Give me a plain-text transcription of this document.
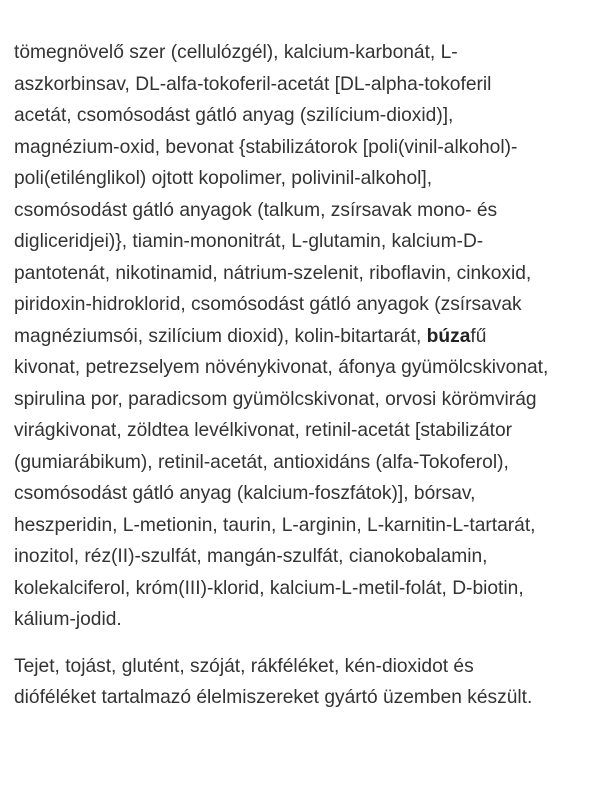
tömegnövelő szer (cellulózgél), kalcium-karbonát, L-
aszkorbinsav, DL-alfa-tokoferil-acetát [DL-alpha-tokoferil
acetát, csomósodást gátló anyag (szilícium-dioxid)],
magnézium-oxid, bevonat {stabilizátorok [poli(vinil-alkohol)-
poli(etilénglikol) ojtott kopolimer, polivinil-alkohol],
csomósodást gátló anyagok (talkum, zsírsavak mono- és
digliceridjei)}, tiamin-mononitrát, L-glutamin, kalcium-D-
pantotenát, nikotinamid, nátrium-szelenit, riboflavin, cinkoxid,
piridoxin-hidroklorid, csomósodást gátló anyagok (zsírsavak
magnéziumsói, szilícium dioxid), kolin-bitartarát, búzafű
kivonat, petrezselyem növénykivonat, áfonya gyümölcskivonat,
spirulina por, paradicsom gyümölcskivonat, orvosi körömvirág
virágkivonat, zöldtea levélkivonat, retinil-acetát [stabilizátor
(gumiarábikum), retinil-acetát, antioxidáns (alfa-Tokoferol),
csomósodást gátló anyag (kalcium-foszfátok)], bórsav,
heszperidin, L-metionin, taurin, L-arginin, L-karnitin-L-tartarát,
inozitol, réz(II)-szulfát, mangán-szulfát, cianokobalamin,
kolekalciferol, króm(III)-klorid, kalcium-L-metil-folát, D-biotin,
kálium-jodid.

Tejet, tojást, glutént, szóját, rákféléket, kén-dioxidot és
dióféléket tartalmazó élelmiszereket gyártó üzemben készült.
